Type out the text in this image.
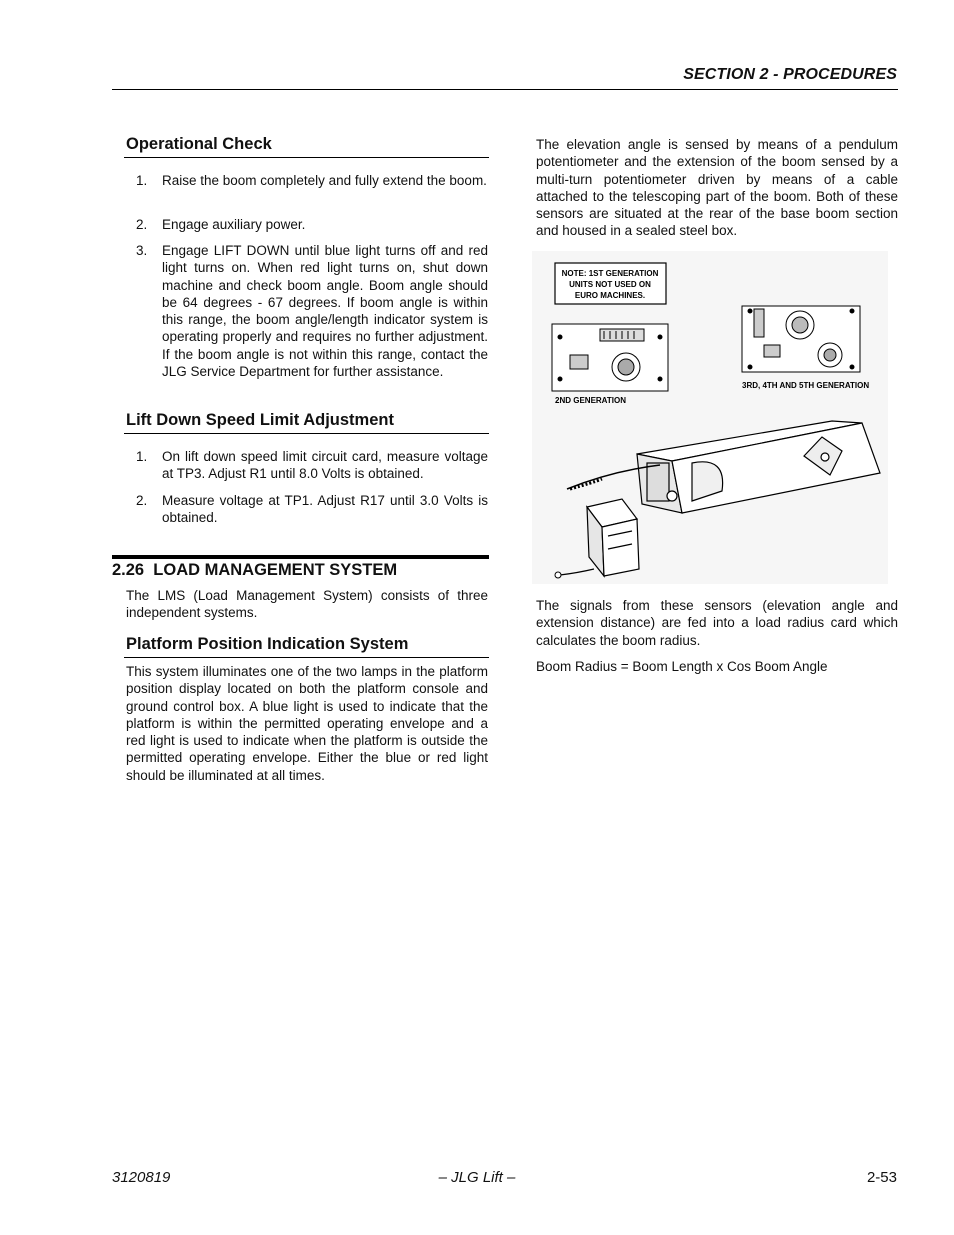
SECTION 2 - PROCEDURES
Operational Check
1. Raise the boom completely and fully extend the boom.
2. Engage auxiliary power.
3. Engage LIFT DOWN until blue light turns off and red light turns on. When red light turns on, shut down machine and check boom angle. Boom angle should be 64 degrees - 67 degrees. If boom angle is within this range, the boom angle/length indicator system is operating properly and requires no further adjustment. If the boom angle is not within this range, contact the JLG Service Department for further assistance.
Lift Down Speed Limit Adjustment
1. On lift down speed limit circuit card, measure voltage at TP3. Adjust R1 until 8.0 Volts is obtained.
2. Measure voltage at TP1. Adjust R17 until 3.0 Volts is obtained.
2.26  LOAD MANAGEMENT SYSTEM
The LMS (Load Management System) consists of three independent systems.
Platform Position Indication System
This system illuminates one of the two lamps in the platform position display located on both the platform console and ground control box. A blue light is used to indicate that the platform is within the permitted operating envelope and a red light is used to indicate when the platform is outside the permitted operating envelope. Either the blue or red light should be illuminated at all times.
The elevation angle is sensed by means of a pendulum potentiometer and the extension of the boom sensed by a multi-turn potentiometer driven by means of a cable attached to the telescoping part of the boom. Both of these sensors are situated at the rear of the base boom section and housed in a sealed steel box.
NOTE: 1ST GENERATION
UNITS NOT USED ON
EURO MACHINES.
2ND GENERATION
3RD, 4TH AND 5TH GENERATION
The signals from these sensors (elevation angle and extension distance) are fed into a load radius card which calculates the boom radius.
Boom Radius = Boom Length x Cos Boom Angle
3120819	– JLG Lift –	2-53
